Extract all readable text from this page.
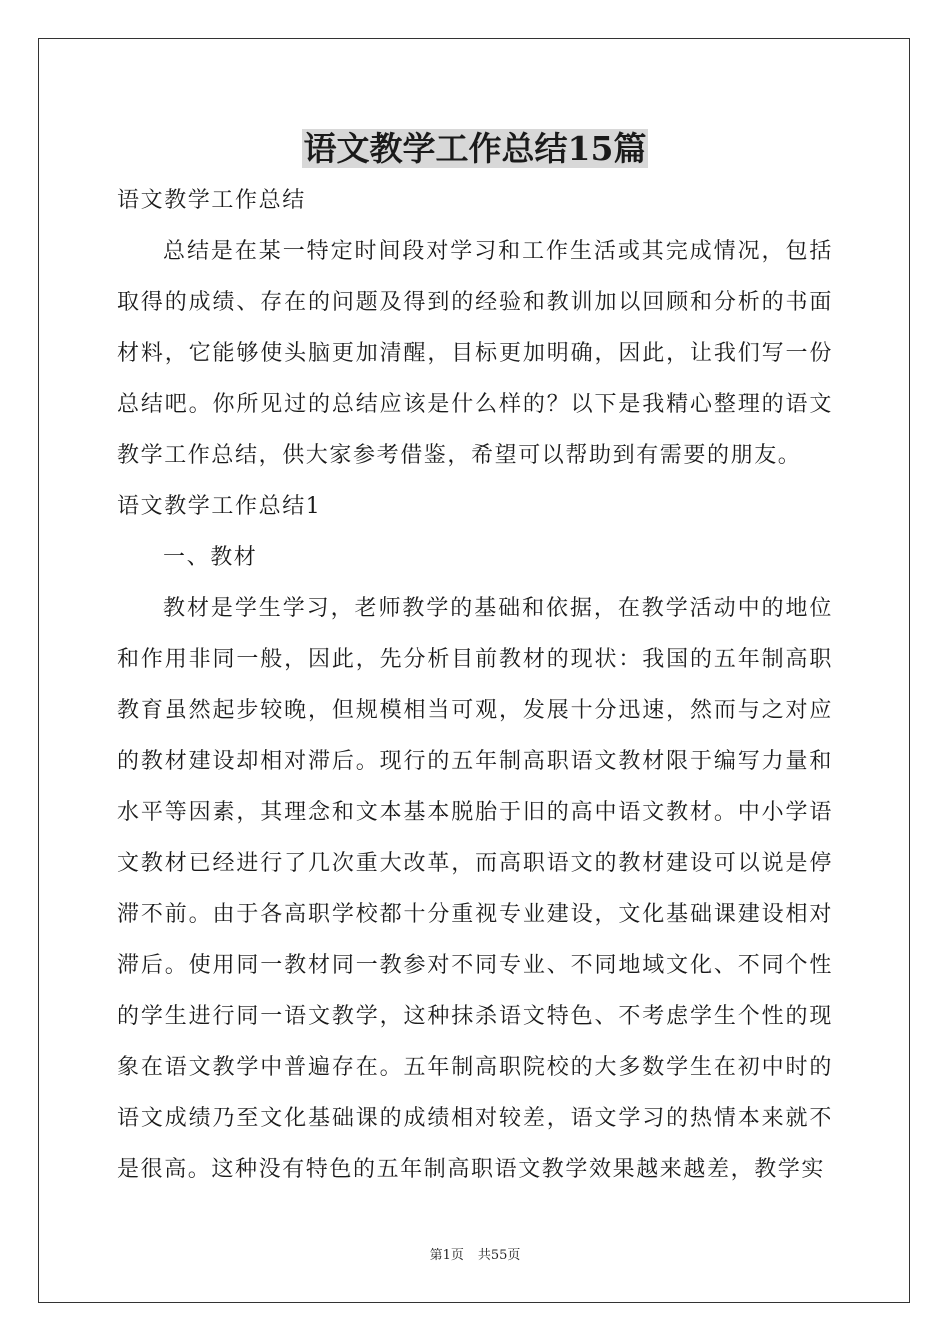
语文教学工作总结15篇

语文教学工作总结

总结是在某一特定时间段对学习和工作生活或其完成情况，包括取得的成绩、存在的问题及得到的经验和教训加以回顾和分析的书面材料，它能够使头脑更加清醒，目标更加明确，因此，让我们写一份总结吧。你所见过的总结应该是什么样的？以下是我精心整理的语文教学工作总结，供大家参考借鉴，希望可以帮助到有需要的朋友。

语文教学工作总结1

一、教材

教材是学生学习，老师教学的基础和依据，在教学活动中的地位和作用非同一般，因此，先分析目前教材的现状：我国的五年制高职教育虽然起步较晚，但规模相当可观，发展十分迅速，然而与之对应的教材建设却相对滞后。现行的五年制高职语文教材限于编写力量和水平等因素，其理念和文本基本脱胎于旧的高中语文教材。中小学语文教材已经进行了几次重大改革，而高职语文的教材建设可以说是停滞不前。由于各高职学校都十分重视专业建设，文化基础课建设相对滞后。使用同一教材同一教参对不同专业、不同地域文化、不同个性的学生进行同一语文教学，这种抹杀语文特色、不考虑学生个性的现象在语文教学中普遍存在。五年制高职院校的大多数学生在初中时的语文成绩乃至文化基础课的成绩相对较差，语文学习的热情本来就不是很高。这种没有特色的五年制高职语文教学效果越来越差，教学实

第1页 共55页
